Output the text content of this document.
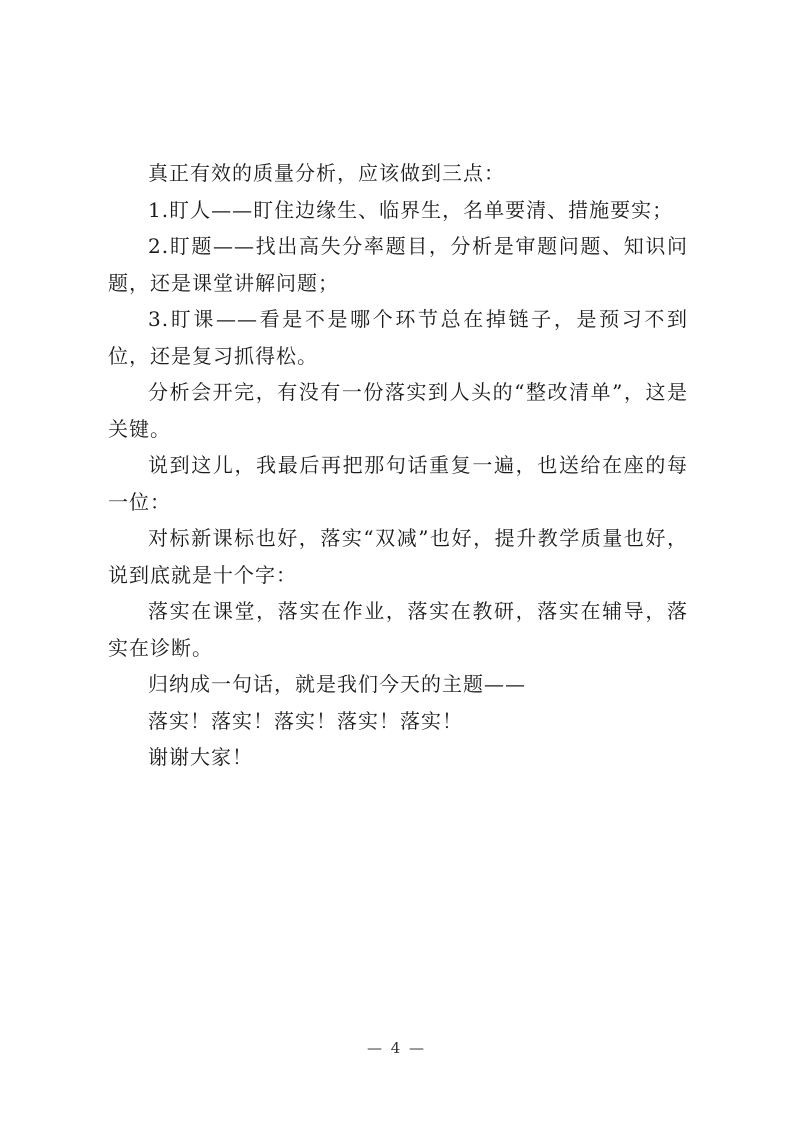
真正有效的质量分析，应该做到三点：

1.盯人——盯住边缘生、临界生，名单要清、措施要实；

2.盯题——找出高失分率题目，分析是审题问题、知识问题，还是课堂讲解问题；

3.盯课——看是不是哪个环节总在掉链子，是预习不到位，还是复习抓得松。

分析会开完，有没有一份落实到人头的“整改清单”，这是关键。

说到这儿，我最后再把那句话重复一遍，也送给在座的每一位：

对标新课标也好，落实“双减”也好，提升教学质量也好，说到底就是十个字：

落实在课堂，落实在作业，落实在教研，落实在辅导，落实在诊断。

归纳成一句话，就是我们今天的主题——

落实！落实！落实！落实！落实！

谢谢大家！

— 4 —
